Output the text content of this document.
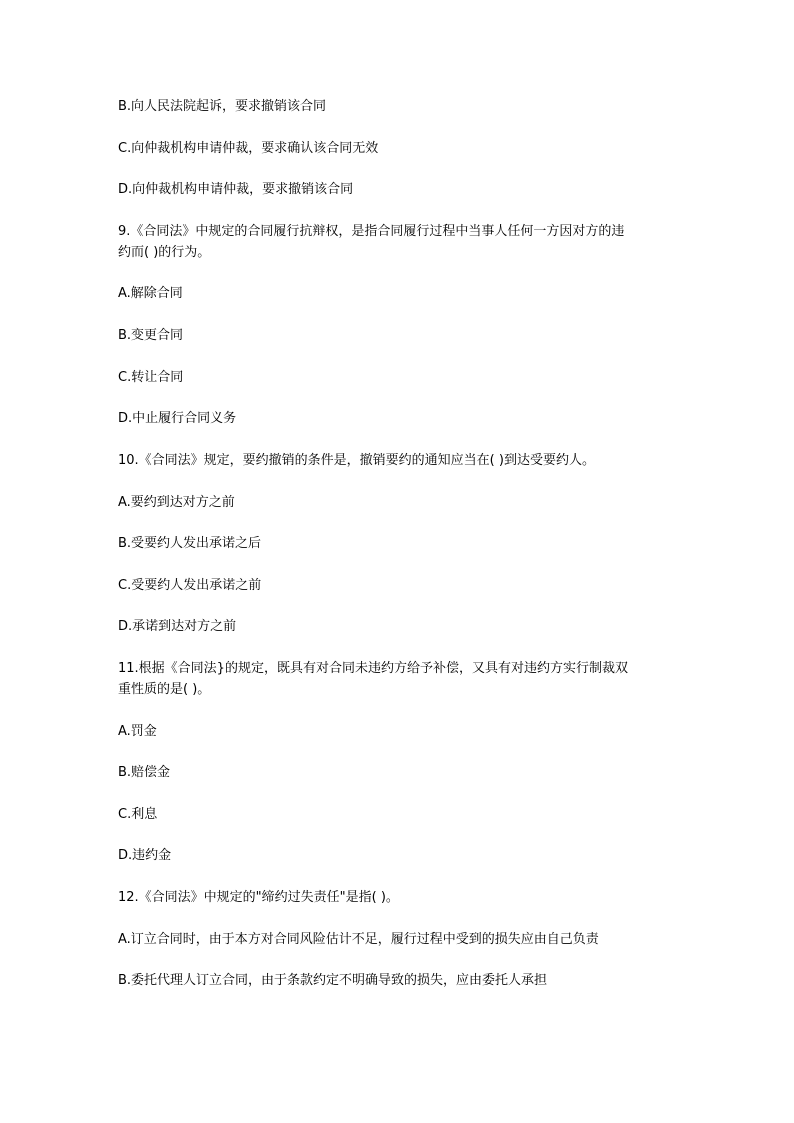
B.向人民法院起诉，要求撤销该合同
C.向仲裁机构申请仲裁，要求确认该合同无效
D.向仲裁机构申请仲裁，要求撤销该合同
9.《合同法》中规定的合同履行抗辩权，是指合同履行过程中当事人任何一方因对方的违
约而( )的行为。
A.解除合同
B.变更合同
C.转让合同
D.中止履行合同义务
10.《合同法》规定，要约撤销的条件是，撤销要约的通知应当在( )到达受要约人。
A.要约到达对方之前
B.受要约人发出承诺之后
C.受要约人发出承诺之前
D.承诺到达对方之前
11.根据《合同法}的规定，既具有对合同未违约方给予补偿，又具有对违约方实行制裁双
重性质的是( )。
A.罚金
B.赔偿金
C.利息
D.违约金
12.《合同法》中规定的"缔约过失责任"是指( )。
A.订立合同时，由于本方对合同风险估计不足，履行过程中受到的损失应由自己负责
B.委托代理人订立合同，由于条款约定不明确导致的损失，应由委托人承担
